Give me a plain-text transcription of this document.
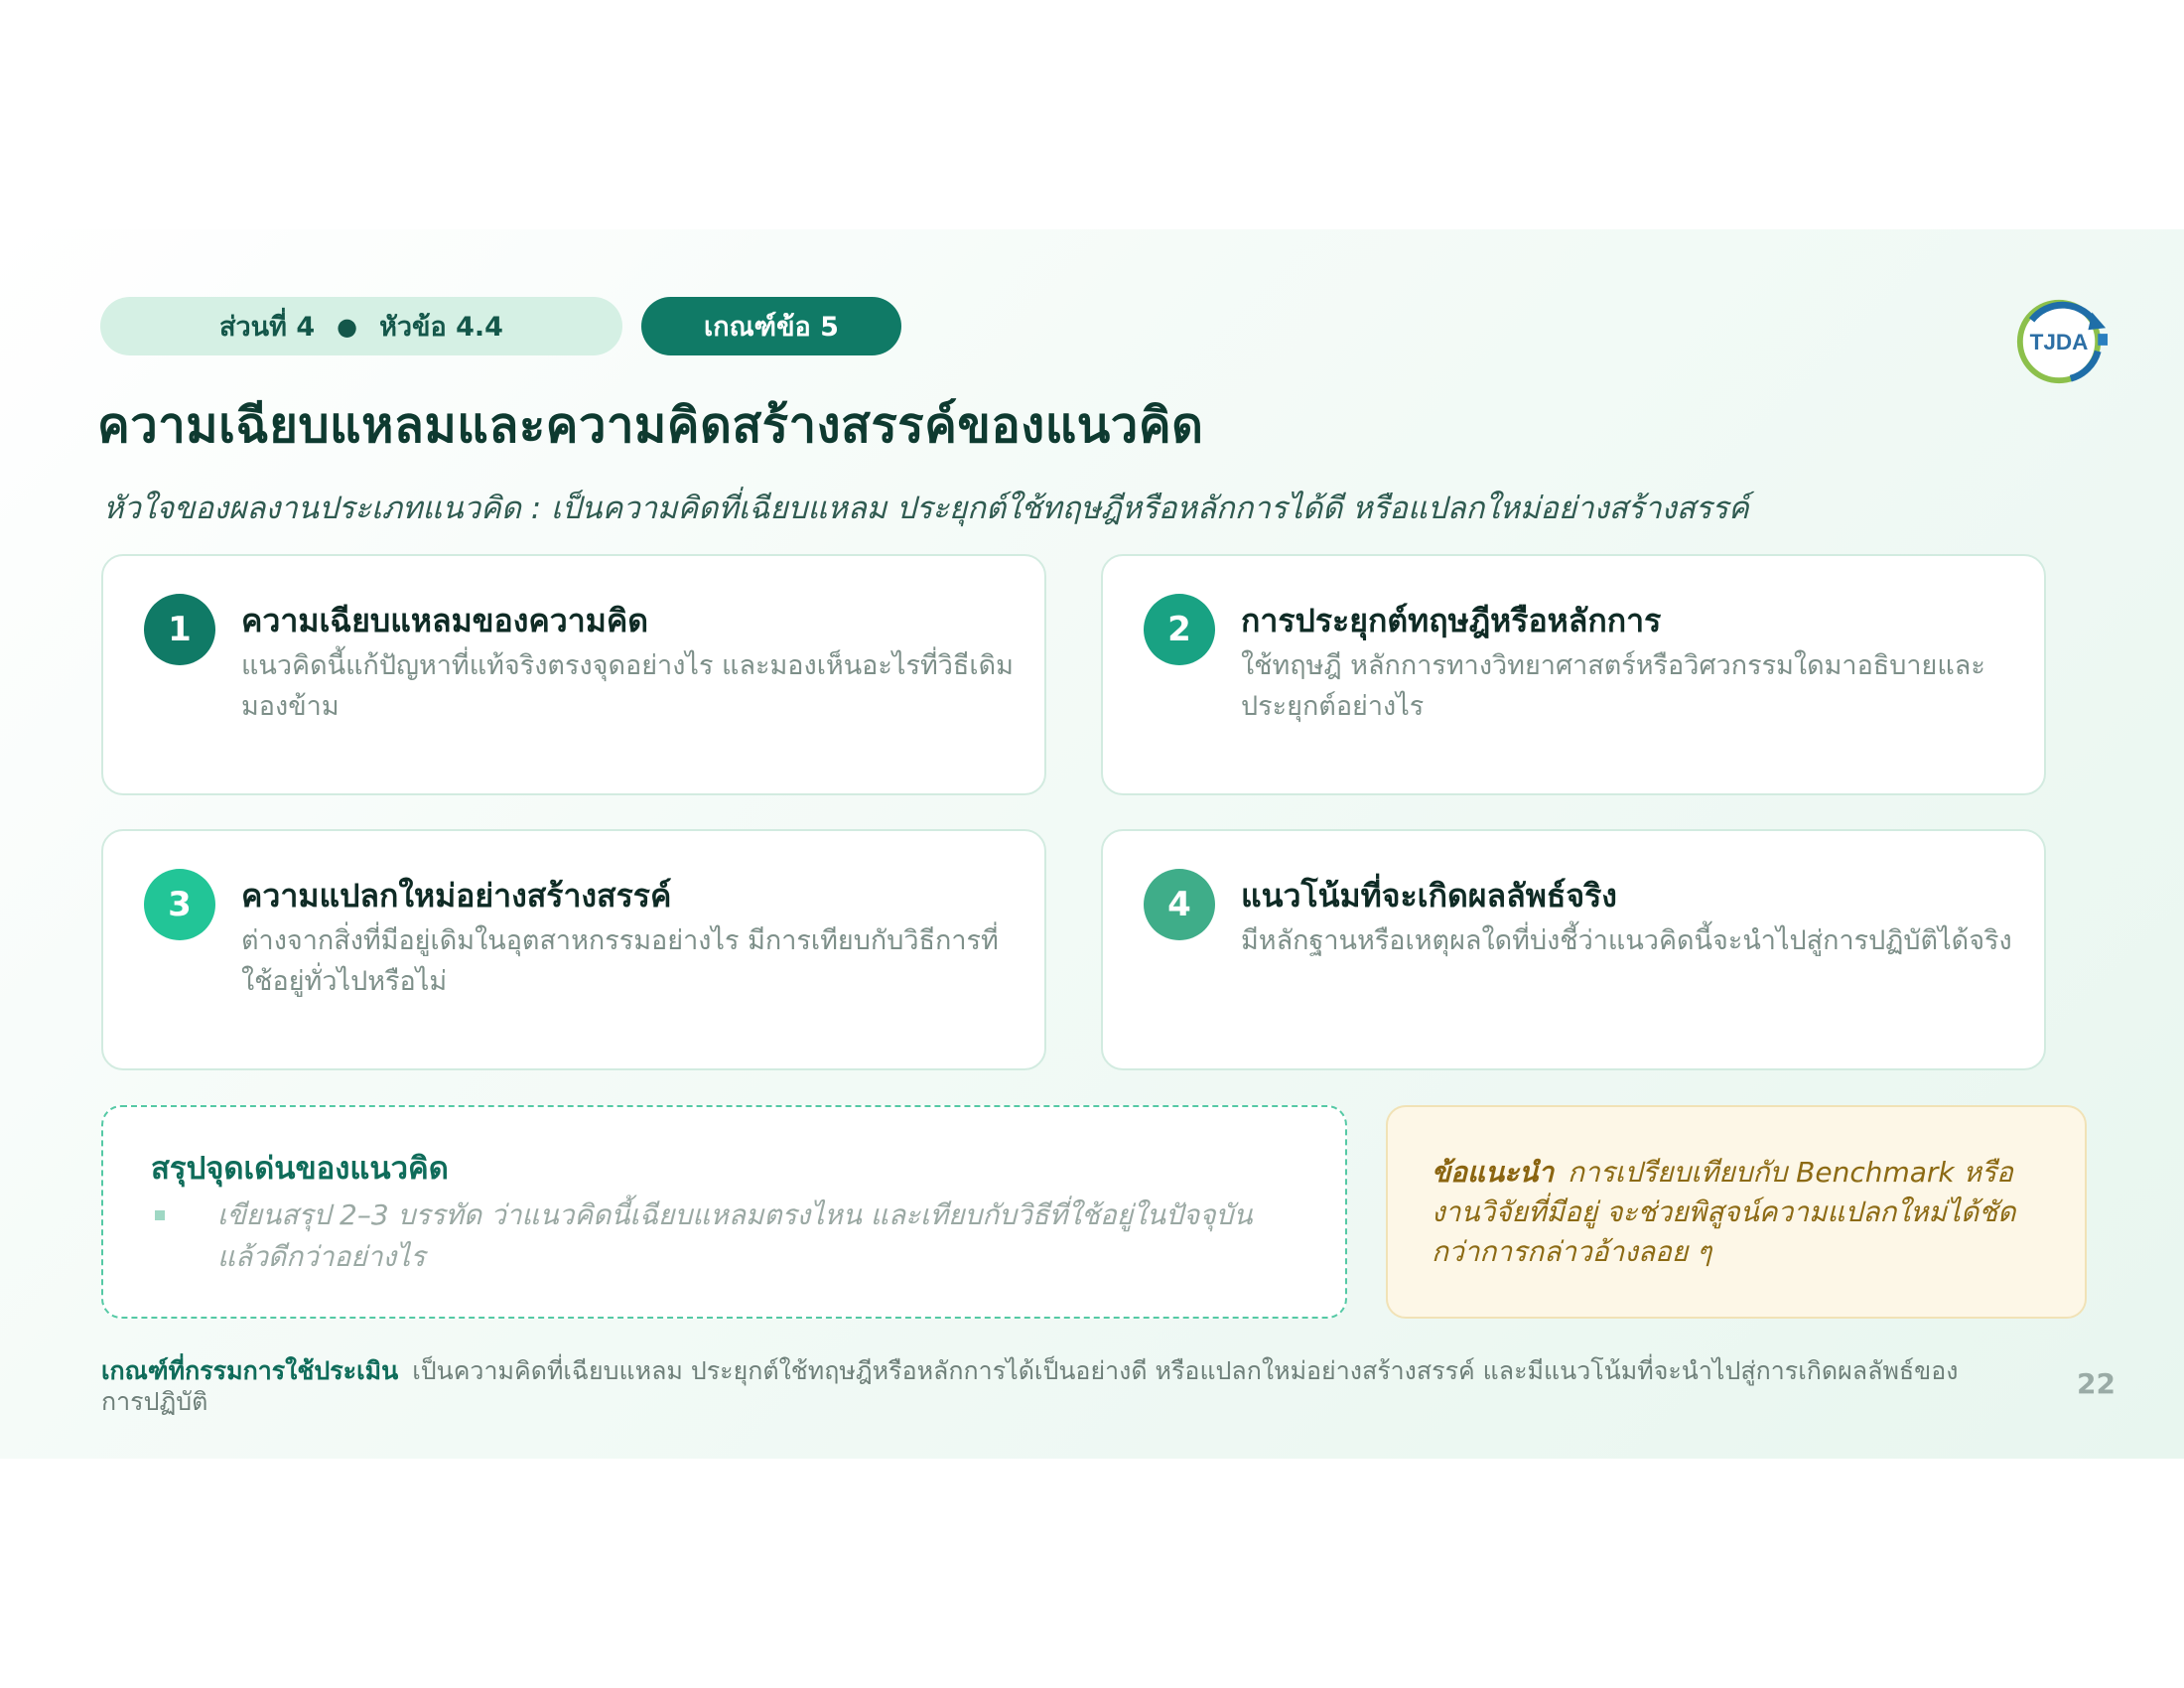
ส่วนที่ 4 ● หัวข้อ 4.4	เกณฑ์ข้อ 5	TJDA
ความเฉียบแหลมและความคิดสร้างสรรค์ของแนวคิด
หัวใจของผลงานประเภทแนวคิด : เป็นความคิดที่เฉียบแหลม ประยุกต์ใช้ทฤษฎีหรือหลักการได้ดี หรือแปลกใหม่อย่างสร้างสรรค์
1	ความเฉียบแหลมของความคิด
แนวคิดนี้แก้ปัญหาที่แท้จริงตรงจุดอย่างไร และมองเห็นอะไรที่วิธีเดิมมองข้าม
2	การประยุกต์ทฤษฎีหรือหลักการ
ใช้ทฤษฎี หลักการทางวิทยาศาสตร์หรือวิศวกรรมใดมาอธิบายและประยุกต์อย่างไร
3	ความแปลกใหม่อย่างสร้างสรรค์
ต่างจากสิ่งที่มีอยู่เดิมในอุตสาหกรรมอย่างไร มีการเทียบกับวิธีการที่ใช้อยู่ทั่วไปหรือไม่
4	แนวโน้มที่จะเกิดผลลัพธ์จริง
มีหลักฐานหรือเหตุผลใดที่บ่งชี้ว่าแนวคิดนี้จะนำไปสู่การปฏิบัติได้จริง
สรุปจุดเด่นของแนวคิด
เขียนสรุป 2–3 บรรทัด ว่าแนวคิดนี้เฉียบแหลมตรงไหน และเทียบกับวิธีที่ใช้อยู่ในปัจจุบันแล้วดีกว่าอย่างไร
ข้อแนะนำ การเปรียบเทียบกับ Benchmark หรืองานวิจัยที่มีอยู่ จะช่วยพิสูจน์ความแปลกใหม่ได้ชัดกว่าการกล่าวอ้างลอย ๆ
เกณฑ์ที่กรรมการใช้ประเมิน เป็นความคิดที่เฉียบแหลม ประยุกต์ใช้ทฤษฎีหรือหลักการได้เป็นอย่างดี หรือแปลกใหม่อย่างสร้างสรรค์ และมีแนวโน้มที่จะนำไปสู่การเกิดผลลัพธ์ของการปฏิบัติ
22
